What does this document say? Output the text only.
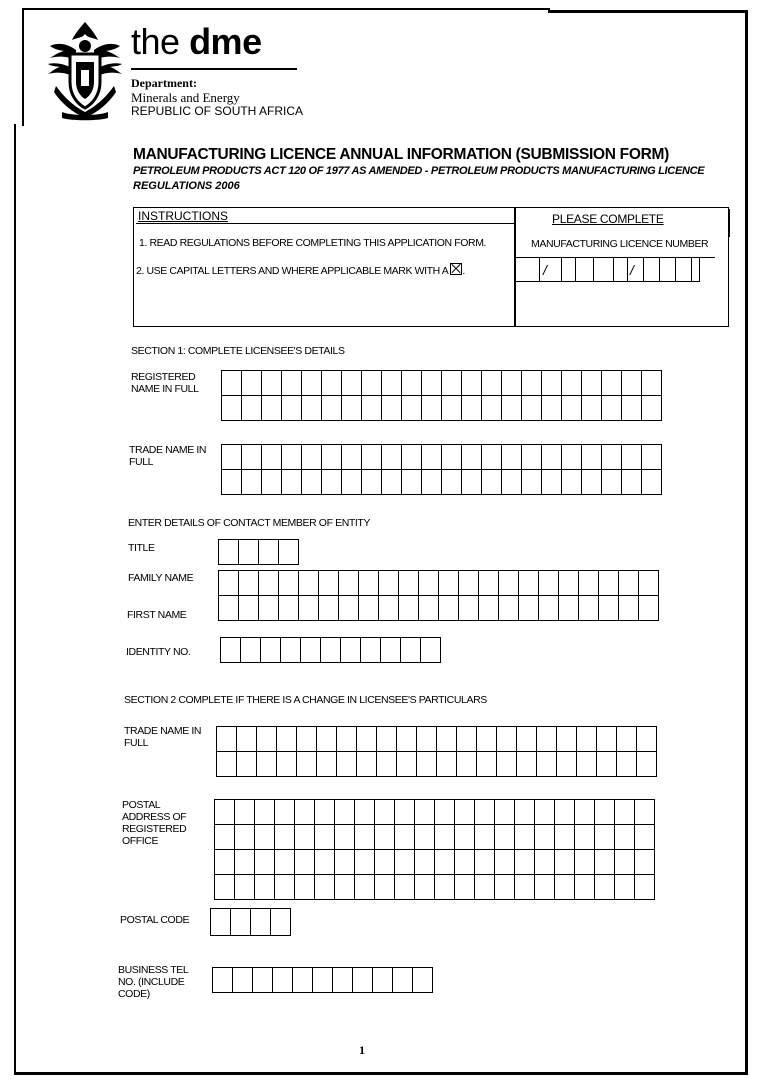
the dme
Department:
Minerals and Energy
REPUBLIC OF SOUTH AFRICA
MANUFACTURING LICENCE ANNUAL INFORMATION (SUBMISSION FORM)
PETROLEUM PRODUCTS ACT 120 OF 1977 AS AMENDED - PETROLEUM PRODUCTS MANUFACTURING LICENCE
REGULATIONS 2006
INSTRUCTIONS
1. READ REGULATIONS BEFORE COMPLETING THIS APPLICATION FORM.
2. USE CAPITAL LETTERS AND WHERE APPLICABLE MARK WITH A ☒.
PLEASE COMPLETE
MANUFACTURING LICENCE NUMBER
/	/
SECTION 1: COMPLETE LICENSEE'S DETAILS
REGISTERED NAME IN FULL

TRADE NAME IN FULL

ENTER DETAILS OF CONTACT MEMBER OF ENTITY
TITLE

FAMILY NAME
FIRST NAME

IDENTITY NO.

SECTION 2 COMPLETE IF THERE IS A CHANGE IN LICENSEE'S PARTICULARS
TRADE NAME IN FULL

POSTAL ADDRESS OF REGISTERED OFFICE

POSTAL CODE

BUSINESS TEL NO. (INCLUDE CODE)

1
